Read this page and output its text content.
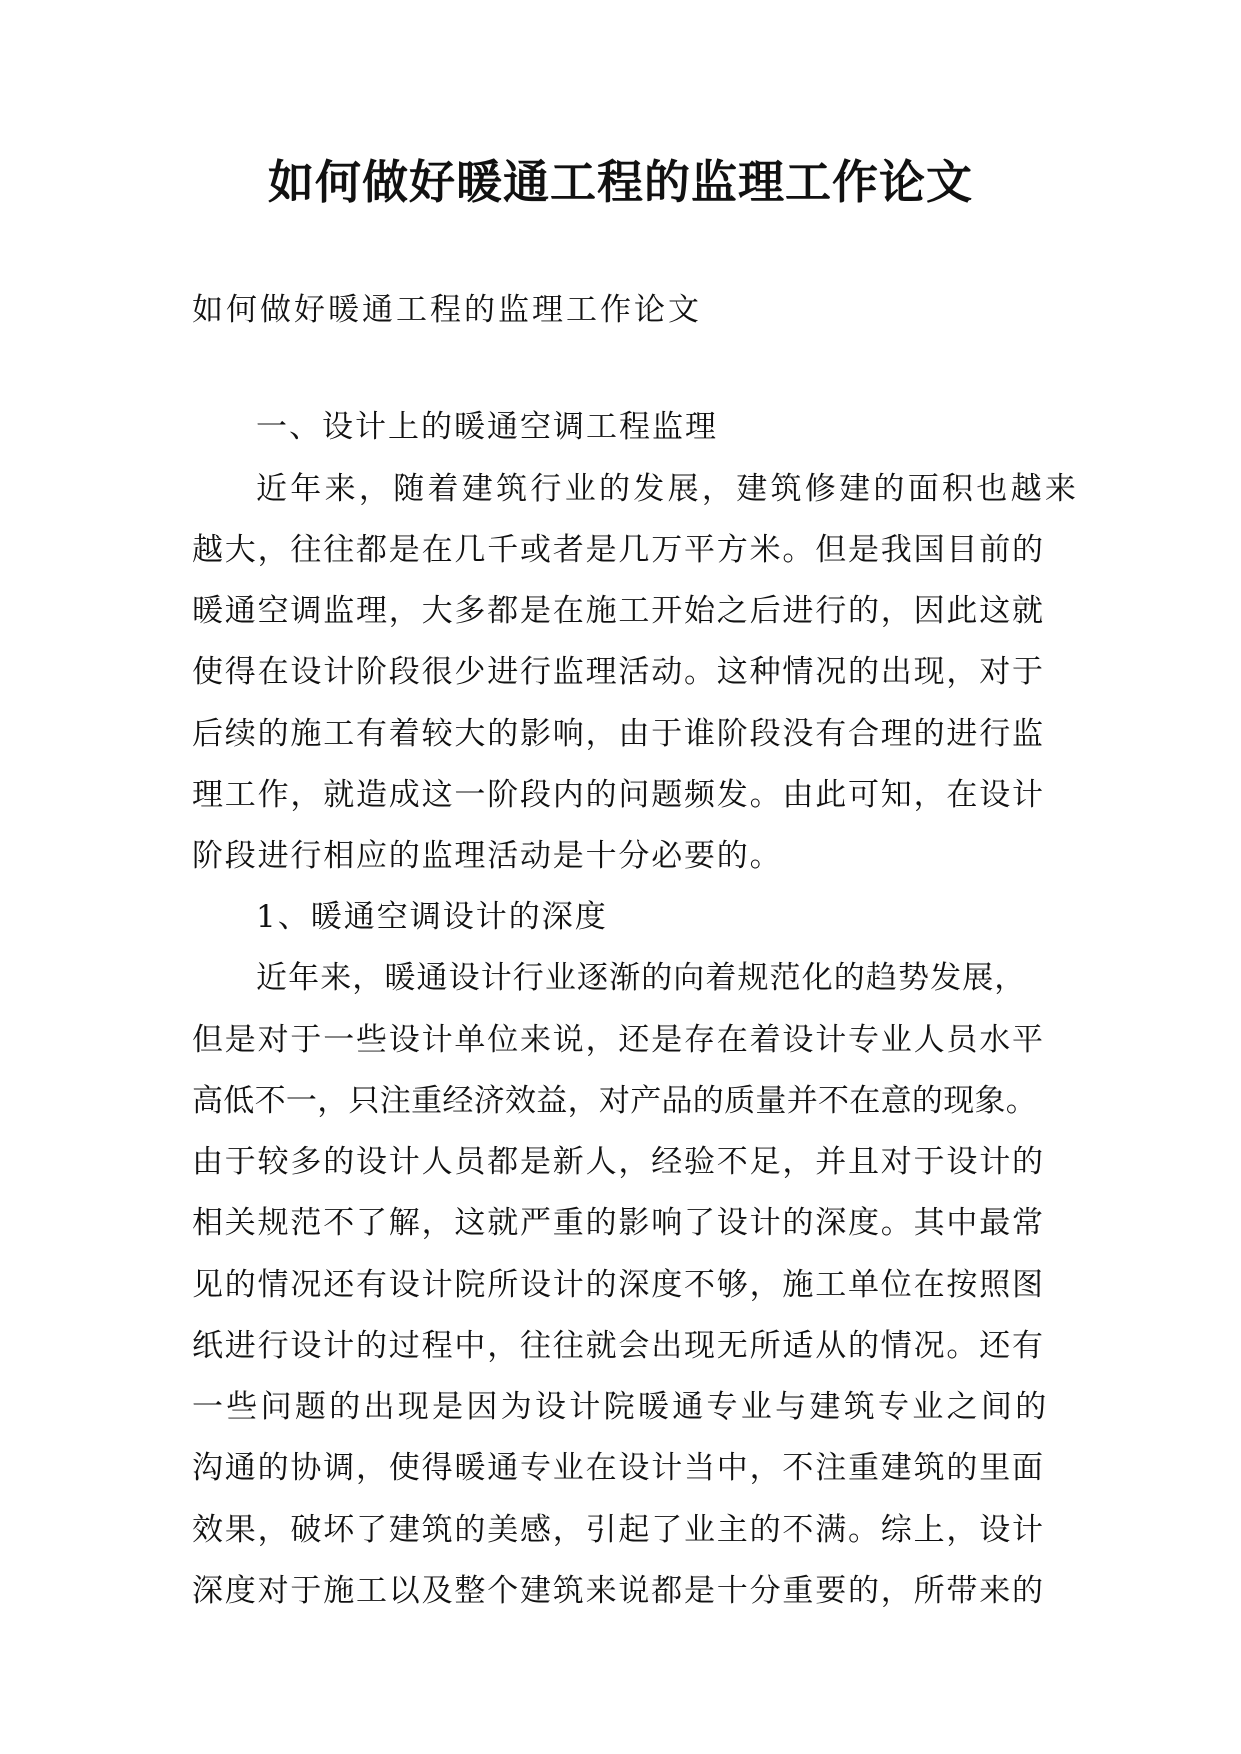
如何做好暖通工程的监理工作论文
如何做好暖通工程的监理工作论文
一、设计上的暖通空调工程监理
近年来，随着建筑行业的发展，建筑修建的面积也越来
越大，往往都是在几千或者是几万平方米。但是我国目前的
暖通空调监理，大多都是在施工开始之后进行的，因此这就
使得在设计阶段很少进行监理活动。这种情况的出现，对于
后续的施工有着较大的影响，由于谁阶段没有合理的进行监
理工作，就造成这一阶段内的问题频发。由此可知，在设计
阶段进行相应的监理活动是十分必要的。
1、暖通空调设计的深度
近年来，暖通设计行业逐渐的向着规范化的趋势发展，
但是对于一些设计单位来说，还是存在着设计专业人员水平
高低不一，只注重经济效益，对产品的质量并不在意的现象。
由于较多的设计人员都是新人，经验不足，并且对于设计的
相关规范不了解，这就严重的影响了设计的深度。其中最常
见的情况还有设计院所设计的深度不够，施工单位在按照图
纸进行设计的过程中，往往就会出现无所适从的情况。还有
一些问题的出现是因为设计院暖通专业与建筑专业之间的
沟通的协调，使得暖通专业在设计当中，不注重建筑的里面
效果，破坏了建筑的美感，引起了业主的不满。综上，设计
深度对于施工以及整个建筑来说都是十分重要的，所带来的
